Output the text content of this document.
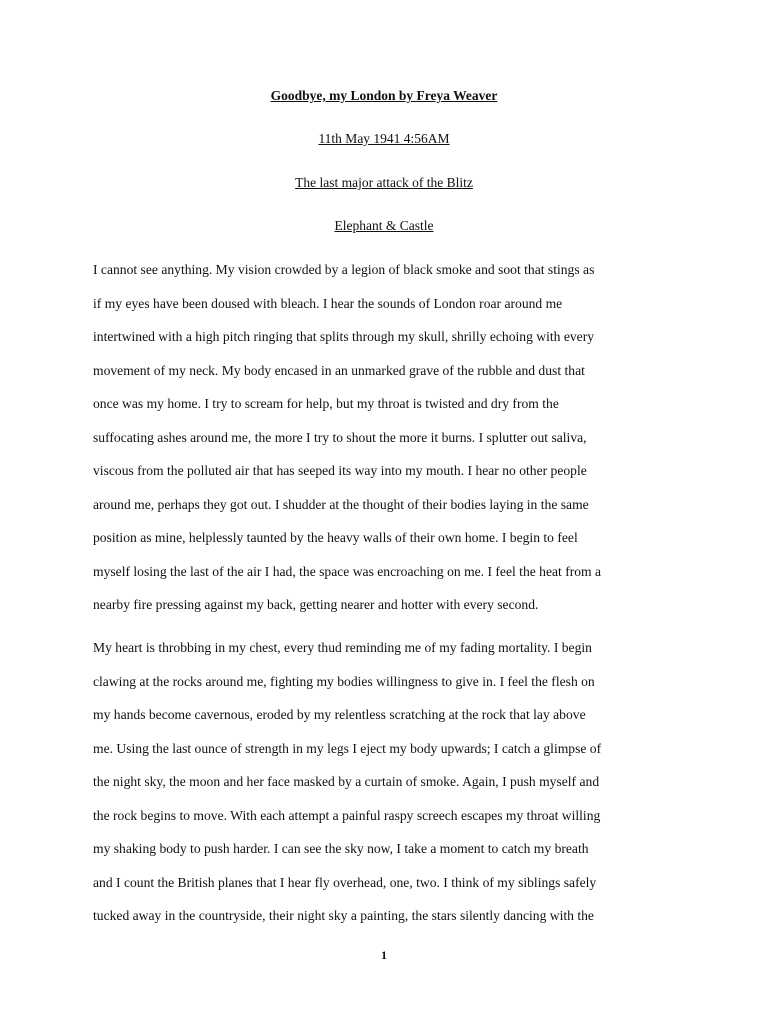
Goodbye, my London by Freya Weaver
11th May 1941 4:56AM
The last major attack of the Blitz
Elephant & Castle
I cannot see anything. My vision crowded by a legion of black smoke and soot that stings as
if my eyes have been doused with bleach. I hear the sounds of London roar around me
intertwined with a high pitch ringing that splits through my skull, shrilly echoing with every
movement of my neck. My body encased in an unmarked grave of the rubble and dust that
once was my home. I try to scream for help, but my throat is twisted and dry from the
suffocating ashes around me, the more I try to shout the more it burns. I splutter out saliva,
viscous from the polluted air that has seeped its way into my mouth. I hear no other people
around me, perhaps they got out. I shudder at the thought of their bodies laying in the same
position as mine, helplessly taunted by the heavy walls of their own home. I begin to feel
myself losing the last of the air I had, the space was encroaching on me. I feel the heat from a
nearby fire pressing against my back, getting nearer and hotter with every second.
My heart is throbbing in my chest, every thud reminding me of my fading mortality. I begin
clawing at the rocks around me, fighting my bodies willingness to give in. I feel the flesh on
my hands become cavernous, eroded by my relentless scratching at the rock that lay above
me. Using the last ounce of strength in my legs I eject my body upwards; I catch a glimpse of
the night sky, the moon and her face masked by a curtain of smoke. Again, I push myself and
the rock begins to move. With each attempt a painful raspy screech escapes my throat willing
my shaking body to push harder. I can see the sky now, I take a moment to catch my breath
and I count the British planes that I hear fly overhead, one, two. I think of my siblings safely
tucked away in the countryside, their night sky a painting, the stars silently dancing with the
1
